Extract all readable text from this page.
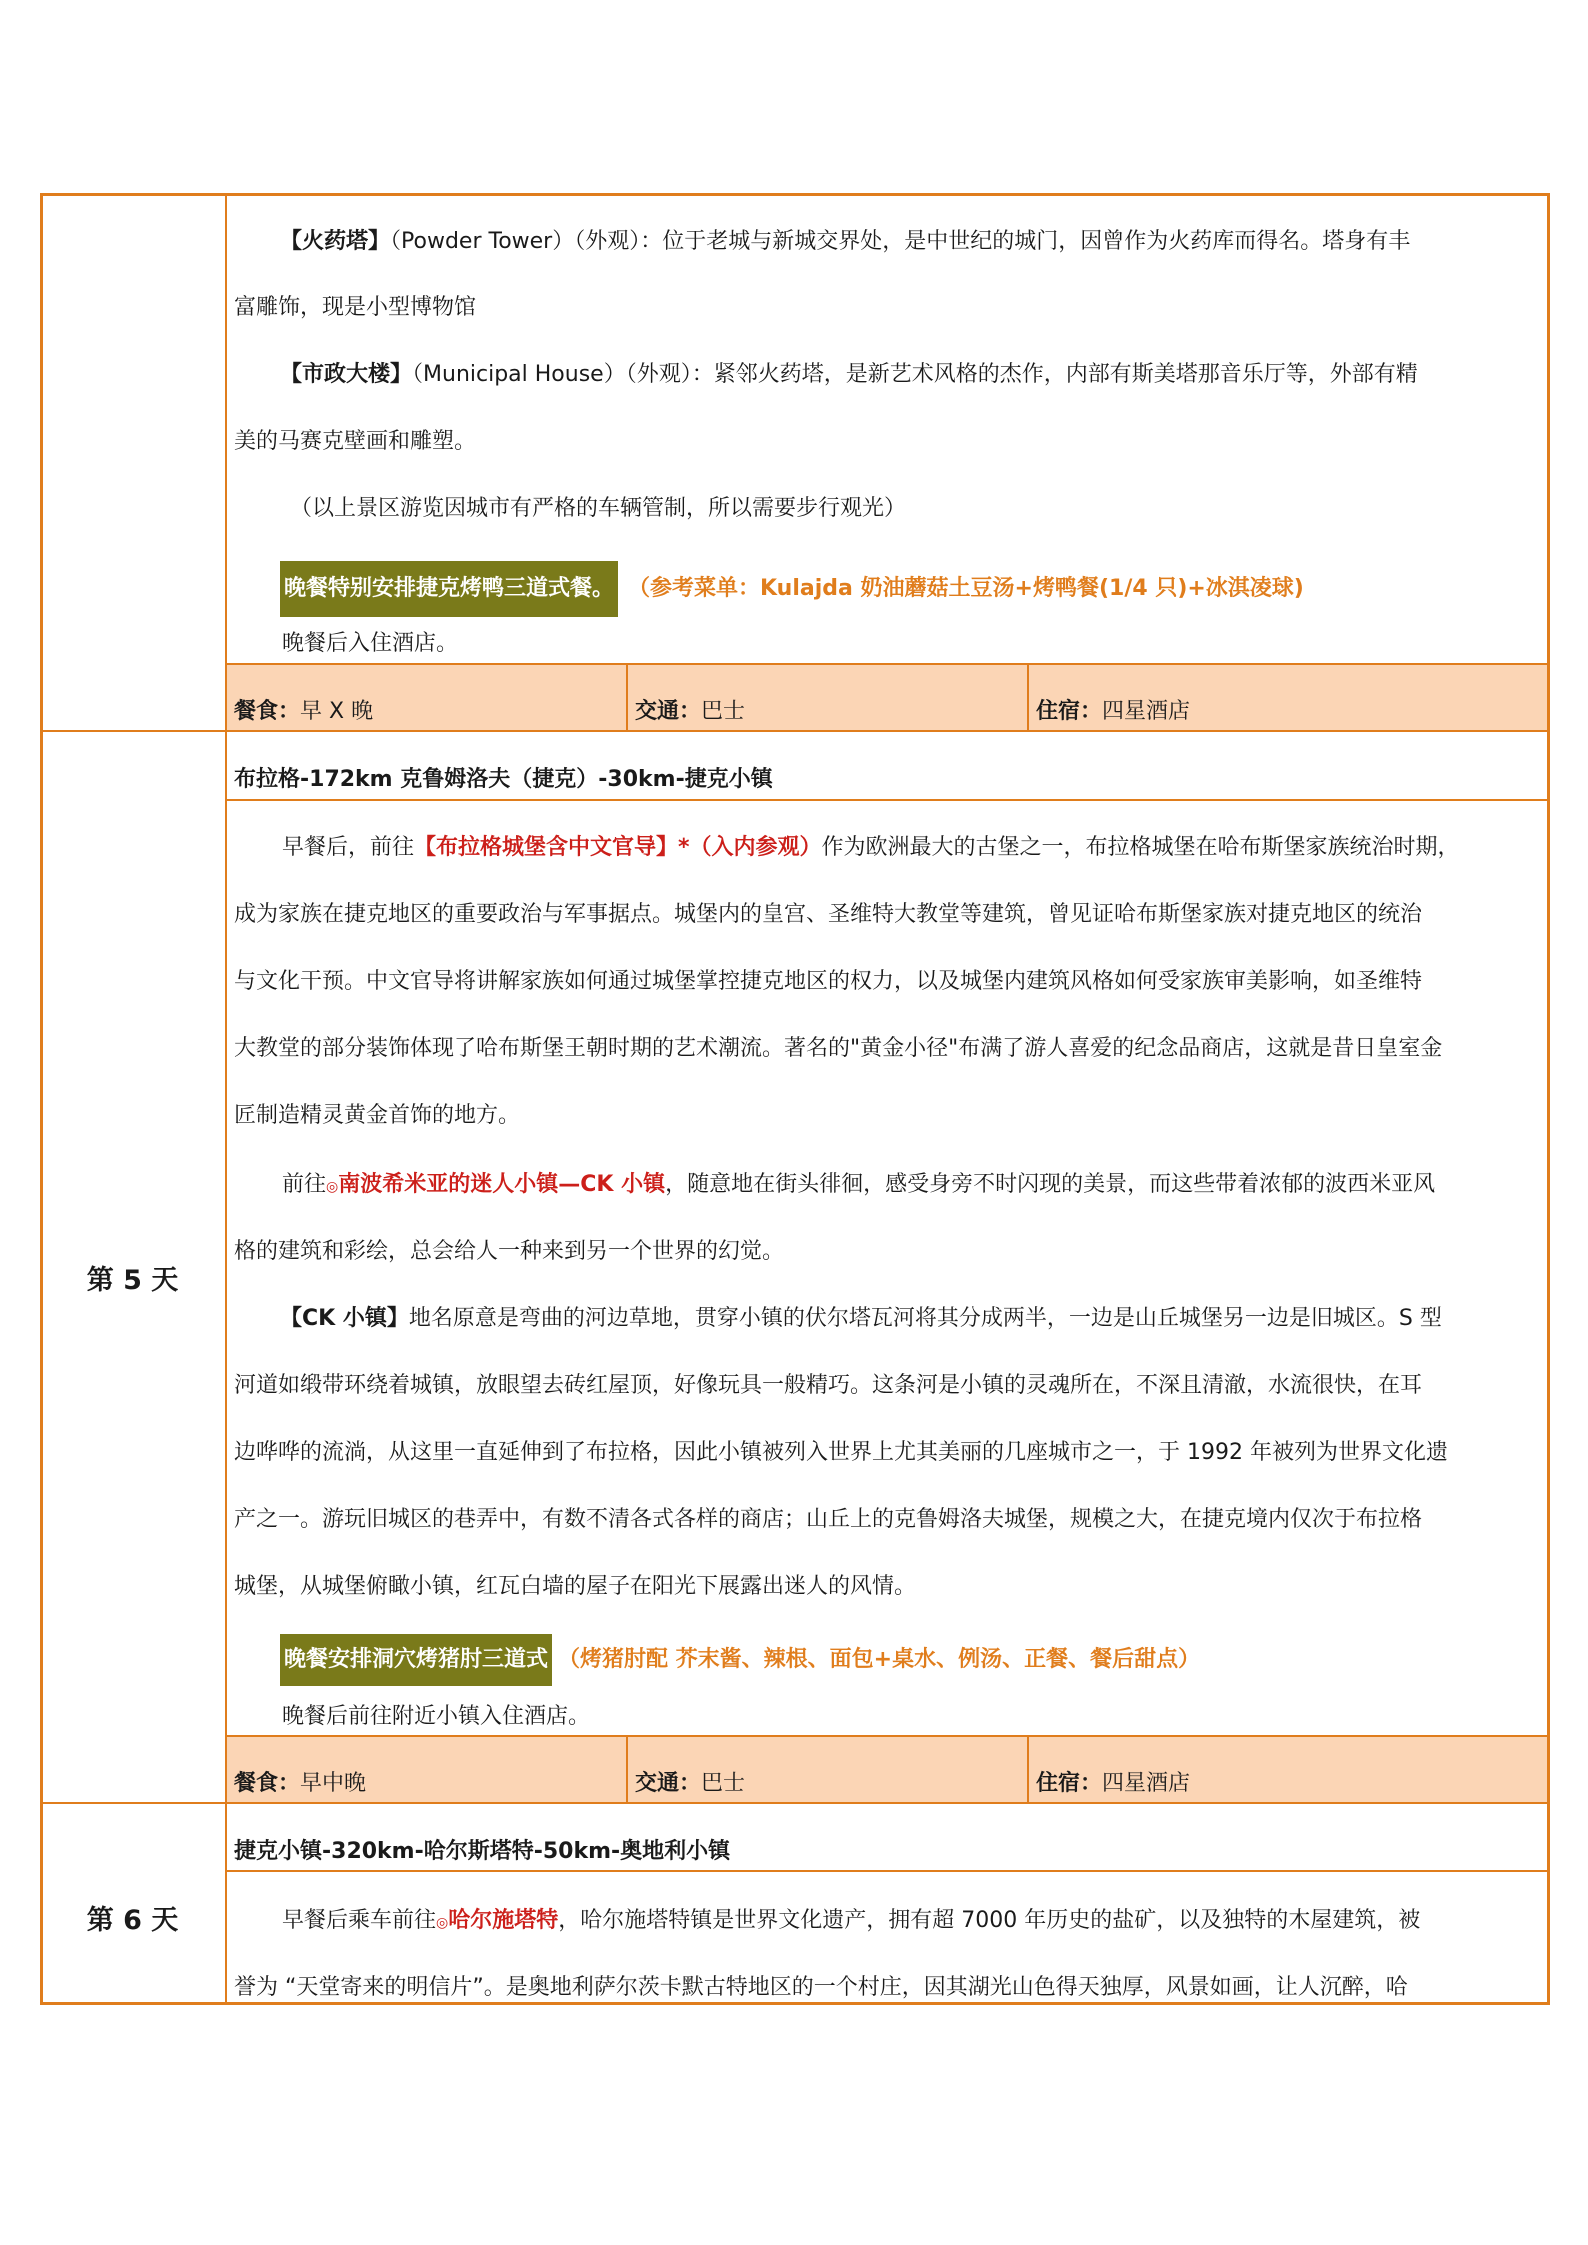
【火药塔】（Powder Tower）（外观）：位于老城与新城交界处，是中世纪的城门，因曾作为火药库而得名。塔身有丰
富雕饰，现是小型博物馆
【市政大楼】（Municipal House）（外观）：紧邻火药塔，是新艺术风格的杰作，内部有斯美塔那音乐厅等，外部有精
美的马赛克壁画和雕塑。
（以上景区游览因城市有严格的车辆管制，所以需要步行观光）
晚餐特别安排捷克烤鸭三道式餐。 （参考菜单：Kulajda 奶油蘑菇土豆汤+烤鸭餐(1/4 只)+冰淇凌球)
晚餐后入住酒店。
餐食：早 X 晚	交通：巴士	住宿：四星酒店
第 5 天
布拉格-172km 克鲁姆洛夫（捷克）-30km-捷克小镇
早餐后，前往【布拉格城堡含中文官导】*（入内参观）作为欧洲最大的古堡之一，布拉格城堡在哈布斯堡家族统治时期，
成为家族在捷克地区的重要政治与军事据点。城堡内的皇宫、圣维特大教堂等建筑，曾见证哈布斯堡家族对捷克地区的统治
与文化干预。中文官导将讲解家族如何通过城堡掌控捷克地区的权力，以及城堡内建筑风格如何受家族审美影响，如圣维特
大教堂的部分装饰体现了哈布斯堡王朝时期的艺术潮流。著名的"黄金小径"布满了游人喜爱的纪念品商店，这就是昔日皇室金
匠制造精灵黄金首饰的地方。
前往◎南波希米亚的迷人小镇—CK 小镇，随意地在街头徘徊，感受身旁不时闪现的美景，而这些带着浓郁的波西米亚风
格的建筑和彩绘，总会给人一种来到另一个世界的幻觉。
【CK 小镇】地名原意是弯曲的河边草地，贯穿小镇的伏尔塔瓦河将其分成两半，一边是山丘城堡另一边是旧城区。S 型
河道如缎带环绕着城镇，放眼望去砖红屋顶，好像玩具一般精巧。这条河是小镇的灵魂所在，不深且清澈，水流很快，在耳
边哗哗的流淌，从这里一直延伸到了布拉格，因此小镇被列入世界上尤其美丽的几座城市之一，于 1992 年被列为世界文化遗
产之一。游玩旧城区的巷弄中，有数不清各式各样的商店；山丘上的克鲁姆洛夫城堡，规模之大，在捷克境内仅次于布拉格
城堡，从城堡俯瞰小镇，红瓦白墙的屋子在阳光下展露出迷人的风情。
晚餐安排洞穴烤猪肘三道式 （烤猪肘配 芥末酱、辣根、面包+桌水、例汤、正餐、餐后甜点）
晚餐后前往附近小镇入住酒店。
餐食：早中晚	交通：巴士	住宿：四星酒店
第 6 天
捷克小镇-320km-哈尔斯塔特-50km-奥地利小镇
早餐后乘车前往◎哈尔施塔特，哈尔施塔特镇是世界文化遗产，拥有超 7000 年历史的盐矿，以及独特的木屋建筑，被
誉为 “天堂寄来的明信片”。是奥地利萨尔茨卡默古特地区的一个村庄，因其湖光山色得天独厚，风景如画，让人沉醉，哈
